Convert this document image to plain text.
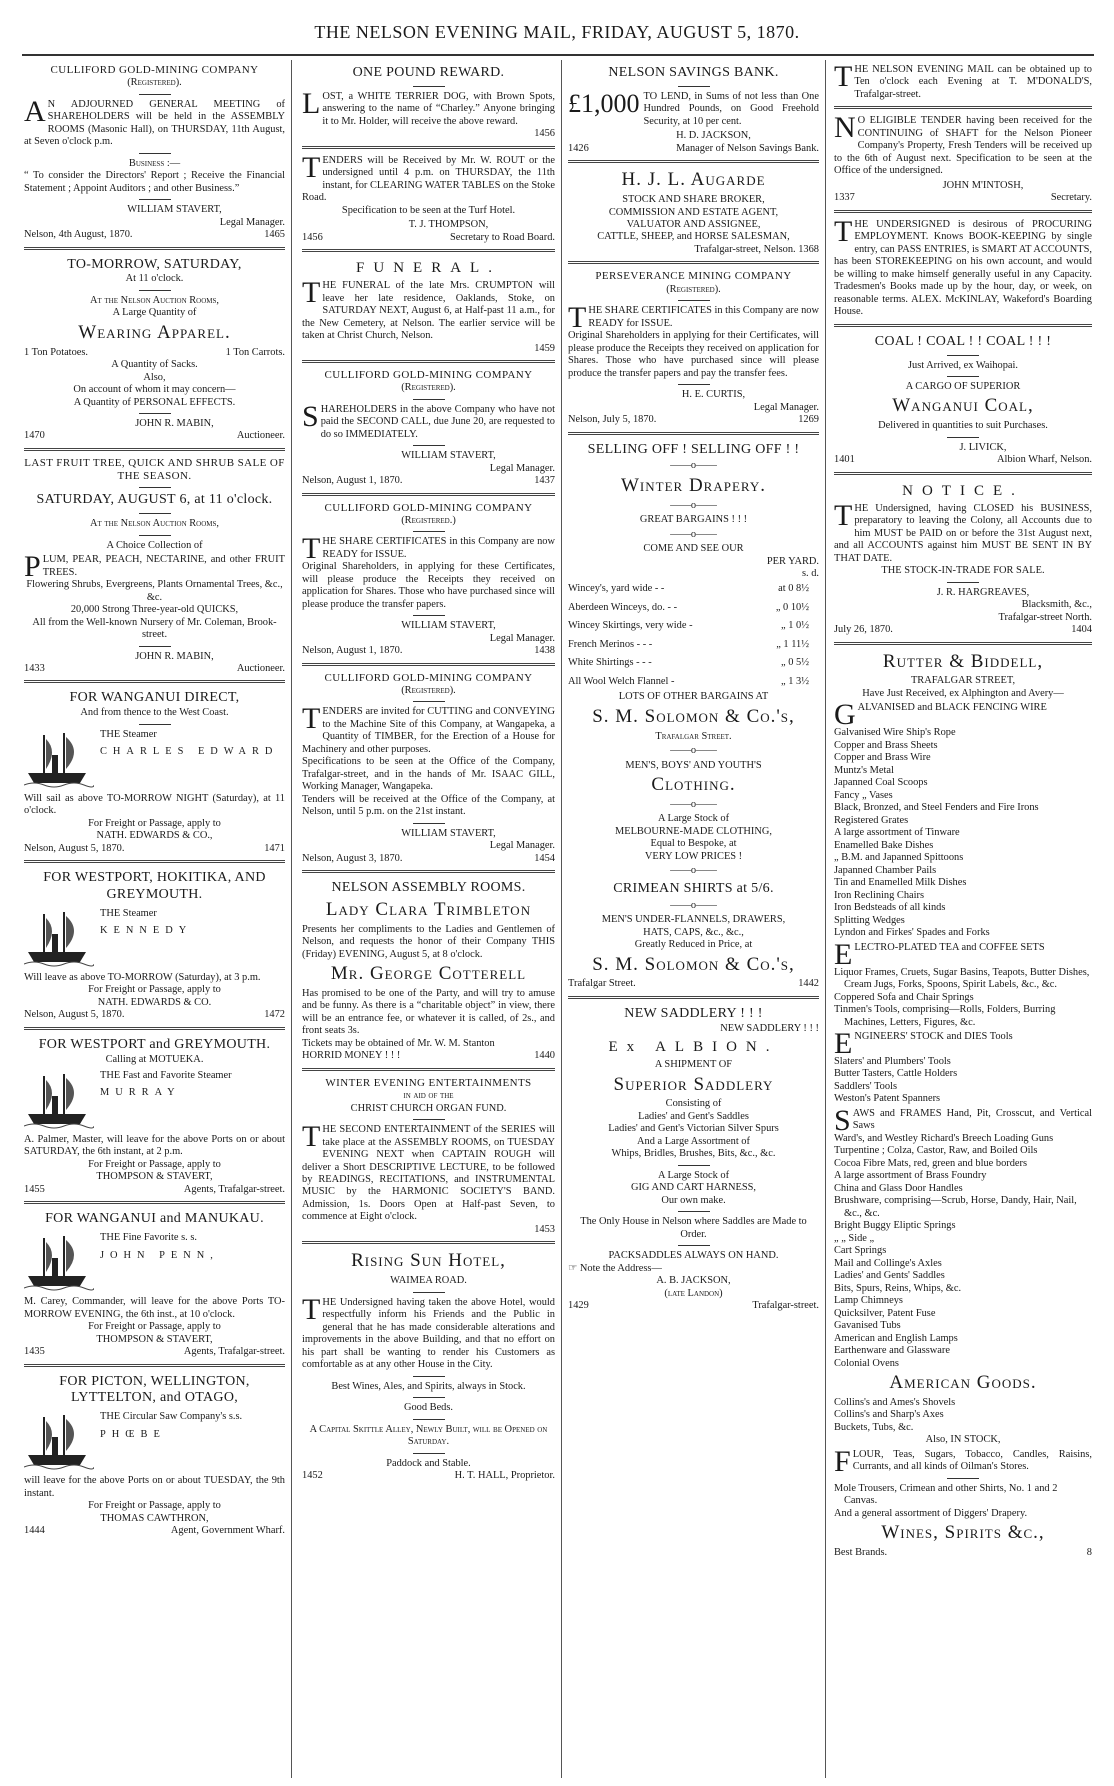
THE NELSON EVENING MAIL, FRIDAY, AUGUST 5, 1870.
CULLIFORD GOLD-MINING COMPANY
(Registered).
A N ADJOURNED GENERAL MEETING of SHAREHOLDERS will be held in the ASSEMBLY ROOMS (Masonic Hall), on THURSDAY, 11th August, at Seven o'clock p.m.
Business :—
“ To consider the Directors' Report ; Receive the Financial Statement ; Appoint Auditors ; and other Business.”
WILLIAM STAVERT,
Legal Manager.
Nelson, 4th August, 1870.	1465
TO-MORROW, SATURDAY,
At 11 o'clock.
At the Nelson Auction Rooms,
A Large Quantity of
Wearing Apparel.
1 Ton Potatoes.	1 Ton Carrots.
A Quantity of Sacks.
Also,
On account of whom it may concern—
A Quantity of PERSONAL EFFECTS.
JOHN R. MABIN,
1470	Auctioneer.
LAST FRUIT TREE, QUICK AND SHRUB SALE OF THE SEASON.
SATURDAY, AUGUST 6, at 11 o'clock.
At the Nelson Auction Rooms,
A Choice Collection of
PLUM, PEAR, PEACH, NECTARINE, and other FRUIT TREES.
Flowering Shrubs, Evergreens, Plants Ornamental Trees, &c., &c.
20,000 Strong Three-year-old QUICKS,
All from the Well-known Nursery of Mr. Coleman, Brook-street.
JOHN R. MABIN,
1433	Auctioneer.
FOR WANGANUI DIRECT,
And from thence to the West Coast.
THE Steamer
CHARLES EDWARD
Will sail as above TO-MORROW NIGHT (Saturday), at 11 o'clock.
For Freight or Passage, apply to
NATH. EDWARDS & CO.,
Nelson, August 5, 1870.	1471
FOR WESTPORT, HOKITIKA, AND GREYMOUTH.
THE Steamer
KENNEDY
Will leave as above TO-MORROW (Saturday), at 3 p.m.
For Freight or Passage, apply to
NATH. EDWARDS & CO.
Nelson, August 5, 1870.	1472
FOR WESTPORT and GREYMOUTH.
Calling at MOTUEKA.
THE Fast and Favorite Steamer
MURRAY
A. Palmer, Master, will leave for the above Ports on or about SATURDAY, the 6th instant, at 2 p.m.
For Freight or Passage, apply to
THOMPSON & STAVERT,
1455	Agents, Trafalgar-street.
FOR WANGANUI and MANUKAU.
THE Fine Favorite s. s.
JOHN PENN,
M. Carey, Commander, will leave for the above Ports TO-MORROW EVENING, the 6th inst., at 10 o'clock.
For Freight or Passage, apply to
THOMPSON & STAVERT,
1435	Agents, Trafalgar-street.
FOR PICTON, WELLINGTON, LYTTELTON, and OTAGO,
THE Circular Saw Company's s.s.
PHŒBE
will leave for the above Ports on or about TUESDAY, the 9th instant.
For Freight or Passage, apply to
THOMAS CAWTHRON,
1444	Agent, Government Wharf.
ONE POUND REWARD.
LOST, a WHITE TERRIER DOG, with Brown Spots, answering to the name of “Charley.” Anyone bringing it to Mr. Holder, will receive the above reward.
1456
TENDERS will be Received by Mr. W. ROUT or the undersigned until 4 p.m. on THURSDAY, the 11th instant, for CLEARING WATER TABLES on the Stoke Road.
Specification to be seen at the Turf Hotel.
T. J. THOMPSON,
1456	Secretary to Road Board.
FUNERAL.
THE FUNERAL of the late Mrs. CRUMPTON will leave her late residence, Oaklands, Stoke, on SATURDAY NEXT, August 6, at Half-past 11 a.m., for the New Cemetery, at Nelson. The earlier service will be taken at Christ Church, Nelson.
1459
CULLIFORD GOLD-MINING COMPANY
(Registered).
SHAREHOLDERS in the above Company who have not paid the SECOND CALL, due June 20, are requested to do so IMMEDIATELY.
WILLIAM STAVERT,
Legal Manager.
Nelson, August 1, 1870.	1437
CULLIFORD GOLD-MINING COMPANY
(Registered.)
THE SHARE CERTIFICATES in this Company are now READY for ISSUE.
Original Shareholders, in applying for these Certificates, will please produce the Receipts they received on application for Shares. Those who have purchased since will please produce the transfer papers.
WILLIAM STAVERT,
Legal Manager.
Nelson, August 1, 1870.	1438
CULLIFORD GOLD-MINING COMPANY
(Registered).
TENDERS are invited for CUTTING and CONVEYING to the Machine Site of this Company, at Wangapeka, a Quantity of TIMBER, for the Erection of a House for Machinery and other purposes.
Specifications to be seen at the Office of the Company, Trafalgar-street, and in the hands of Mr. ISAAC GILL, Working Manager, Wangapeka.
Tenders will be received at the Office of the Company, at Nelson, until 5 p.m. on the 21st instant.
WILLIAM STAVERT,
Legal Manager.
Nelson, August 3, 1870.	1454
NELSON ASSEMBLY ROOMS.
Lady Clara Trimbleton
Presents her compliments to the Ladies and Gentlemen of Nelson, and requests the honor of their Company THIS (Friday) EVENING, August 5, at 8 o'clock.
Mr. George Cotterell
Has promised to be one of the Party, and will try to amuse and be funny. As there is a “charitable object” in view, there will be an entrance fee, or whatever it is called, of 2s., and front seats 3s.
Tickets may be obtained of Mr. W. M. Stanton
HORRID MONEY ! ! !	1440
WINTER EVENING ENTERTAINMENTS
in aid of the
CHRIST CHURCH ORGAN FUND.
THE SECOND ENTERTAINMENT of the SERIES will take place at the ASSEMBLY ROOMS, on TUESDAY EVENING NEXT when CAPTAIN ROUGH will deliver a Short DESCRIPTIVE LECTURE, to be followed by READINGS, RECITATIONS, and INSTRUMENTAL MUSIC by the HARMONIC SOCIETY'S BAND. Admission, 1s. Doors Open at Half-past Seven, to commence at Eight o'clock.
1453
Rising Sun Hotel,
WAIMEA ROAD.
THE Undersigned having taken the above Hotel, would respectfully inform his Friends and the Public in general that he has made considerable alterations and improvements in the above Building, and that no effort on his part shall be wanting to render his Customers as comfortable as at any other House in the City.
Best Wines, Ales, and Spirits, always in Stock.
Good Beds.
A Capital Skittle Alley, Newly Built, will be Opened on Saturday.
Paddock and Stable.
1452	H. T. HALL, Proprietor.
NELSON SAVINGS BANK.
£1,000 TO LEND, in Sums of not less than One Hundred Pounds, on Good Freehold Security, at 10 per cent.
H. D. JACKSON,
1426	Manager of Nelson Savings Bank.
H. J. L. Augarde
STOCK AND SHARE BROKER,
COMMISSION AND ESTATE AGENT,
VALUATOR AND ASSIGNEE,
CATTLE, SHEEP, and HORSE SALESMAN,
Trafalgar-street, Nelson. 1368
PERSEVERANCE MINING COMPANY
(Registered).
THE SHARE CERTIFICATES in this Company are now READY for ISSUE.
Original Shareholders in applying for their Certificates, will please produce the Receipts they received on application for Shares. Those who have purchased since will please produce the transfer papers and pay the transfer fees.
H. E. CURTIS,
Legal Manager.
Nelson, July 5, 1870.	1269
SELLING OFF ! SELLING OFF ! !
——o——
Winter Drapery.
——o——
GREAT BARGAINS ! ! !
——o——
COME AND SEE OUR
PER YARD.
s. d.
Wincey's, yard wide - -	at 0 8½
Aberdeen Winceys, do. - -	„ 0 10½
Wincey Skirtings, very wide -	„ 1 0½
French Merinos - - -	„ 1 11½
White Shirtings - - -	„ 0 5½
All Wool Welch Flannel -	„ 1 3½
LOTS OF OTHER BARGAINS AT
S. M. Solomon & Co.'s,
Trafalgar Street.
——o——
MEN'S, BOYS' AND YOUTH'S
Clothing.
——o——
A Large Stock of
MELBOURNE-MADE CLOTHING,
Equal to Bespoke, at
VERY LOW PRICES !
——o——
CRIMEAN SHIRTS at 5/6.
——o——
MEN'S UNDER-FLANNELS, DRAWERS,
HATS, CAPS, &c., &c.,
Greatly Reduced in Price, at
S. M. Solomon & Co.'s,
Trafalgar Street.	1442
NEW SADDLERY ! ! !
NEW SADDLERY ! ! !
Ex ALBION.
A SHIPMENT OF
Superior Saddlery
Consisting of
Ladies' and Gent's Saddles
Ladies' and Gent's Victorian Silver Spurs
And a Large Assortment of
Whips, Bridles, Brushes, Bits, &c., &c.
A Large Stock of
GIG AND CART HARNESS,
Our own make.
The Only House in Nelson where Saddles are Made to Order.
PACKSADDLES ALWAYS ON HAND.
☞ Note the Address—
A. B. JACKSON,
(late Landon)
1429	Trafalgar-street.
THE NELSON EVENING MAIL can be obtained up to Ten o'clock each Evening at T. M'DONALD'S, Trafalgar-street.
N O ELIGIBLE TENDER having been received for the CONTINUING of SHAFT for the Nelson Pioneer Company's Property, Fresh Tenders will be received up to the 6th of August next. Specification to be seen at the Office of the undersigned.
JOHN M'INTOSH,
1337	Secretary.
THE UNDERSIGNED is desirous of PROCURING EMPLOYMENT. Knows BOOK-KEEPING by single entry, can PASS ENTRIES, is SMART AT ACCOUNTS, has been STOREKEEPING on his own account, and would be willing to make himself generally useful in any Capacity. Tradesmen's Books made up by the hour, day, or week, on reasonable terms. ALEX. McKINLAY, Wakeford's Boarding House.
COAL ! COAL ! ! COAL ! ! !
Just Arrived, ex Waihopai.
A CARGO OF SUPERIOR
Wanganui Coal,
Delivered in quantities to suit Purchases.
J. LIVICK,
1401	Albion Wharf, Nelson.
NOTICE.
THE Undersigned, having CLOSED his BUSINESS, preparatory to leaving the Colony, all Accounts due to him MUST be PAID on or before the 31st August next, and all ACCOUNTS against him MUST BE SENT IN BY THAT DATE.
THE STOCK-IN-TRADE FOR SALE.
J. R. HARGREAVES,
Blacksmith, &c.,
Trafalgar-street North.
July 26, 1870.	1404
Rutter & Biddell,
TRAFALGAR STREET,
Have Just Received, ex Alphington and Avery—
GALVANISED and BLACK FENCING WIRE
Galvanised Wire Ship's Rope
Copper and Brass Sheets
Copper and Brass Wire
Muntz's Metal
Japanned Coal Scoops
Fancy „ Vases
Black, Bronzed, and Steel Fenders and Fire Irons
Registered Grates
A large assortment of Tinware
Enamelled Bake Dishes
„ B.M. and Japanned Spittoons
Japanned Chamber Pails
Tin and Enamelled Milk Dishes
Iron Reclining Chairs
Iron Bedsteads of all kinds
Splitting Wedges
Lyndon and Firkes' Spades and Forks
ELECTRO-PLATED TEA and COFFEE SETS
Liquor Frames, Cruets, Sugar Basins, Teapots, Butter Dishes, Cream Jugs, Forks, Spoons, Spirit Labels, &c., &c.
Coppered Sofa and Chair Springs
Tinmen's Tools, comprising—Rolls, Folders, Burring Machines, Letters, Figures, &c.
ENGINEERS' STOCK and DIES Tools
Slaters' and Plumbers' Tools
Butter Tasters, Cattle Holders
Saddlers' Tools
Weston's Patent Spanners
SAWS and FRAMES Hand, Pit, Crosscut, and Vertical Saws
Ward's, and Westley Richard's Breech Loading Guns
Turpentine ; Colza, Castor, Raw, and Boiled Oils
Cocoa Fibre Mats, red, green and blue borders
A large assortment of Brass Foundry
China and Glass Door Handles
Brushware, comprising—Scrub, Horse, Dandy, Hair, Nail, &c., &c.
Bright Buggy Eliptic Springs
„ „ Side „
Cart Springs
Mail and Collinge's Axles
Ladies' and Gents' Saddles
Bits, Spurs, Reins, Whips, &c.
Lamp Chimneys
Quicksilver, Patent Fuse
Gavanised Tubs
American and English Lamps
Earthenware and Glassware
Colonial Ovens
American Goods.
Collins's and Ames's Shovels
Collins's and Sharp's Axes
Buckets, Tubs, &c.
Also, IN STOCK,
FLOUR, Teas, Sugars, Tobacco, Candles, Raisins, Currants, and all kinds of Oilman's Stores.
Mole Trousers, Crimean and other Shirts, No. 1 and 2 Canvas.
And a general assortment of Diggers' Drapery.
Wines, Spirits &c.,
Best Brands.	8
